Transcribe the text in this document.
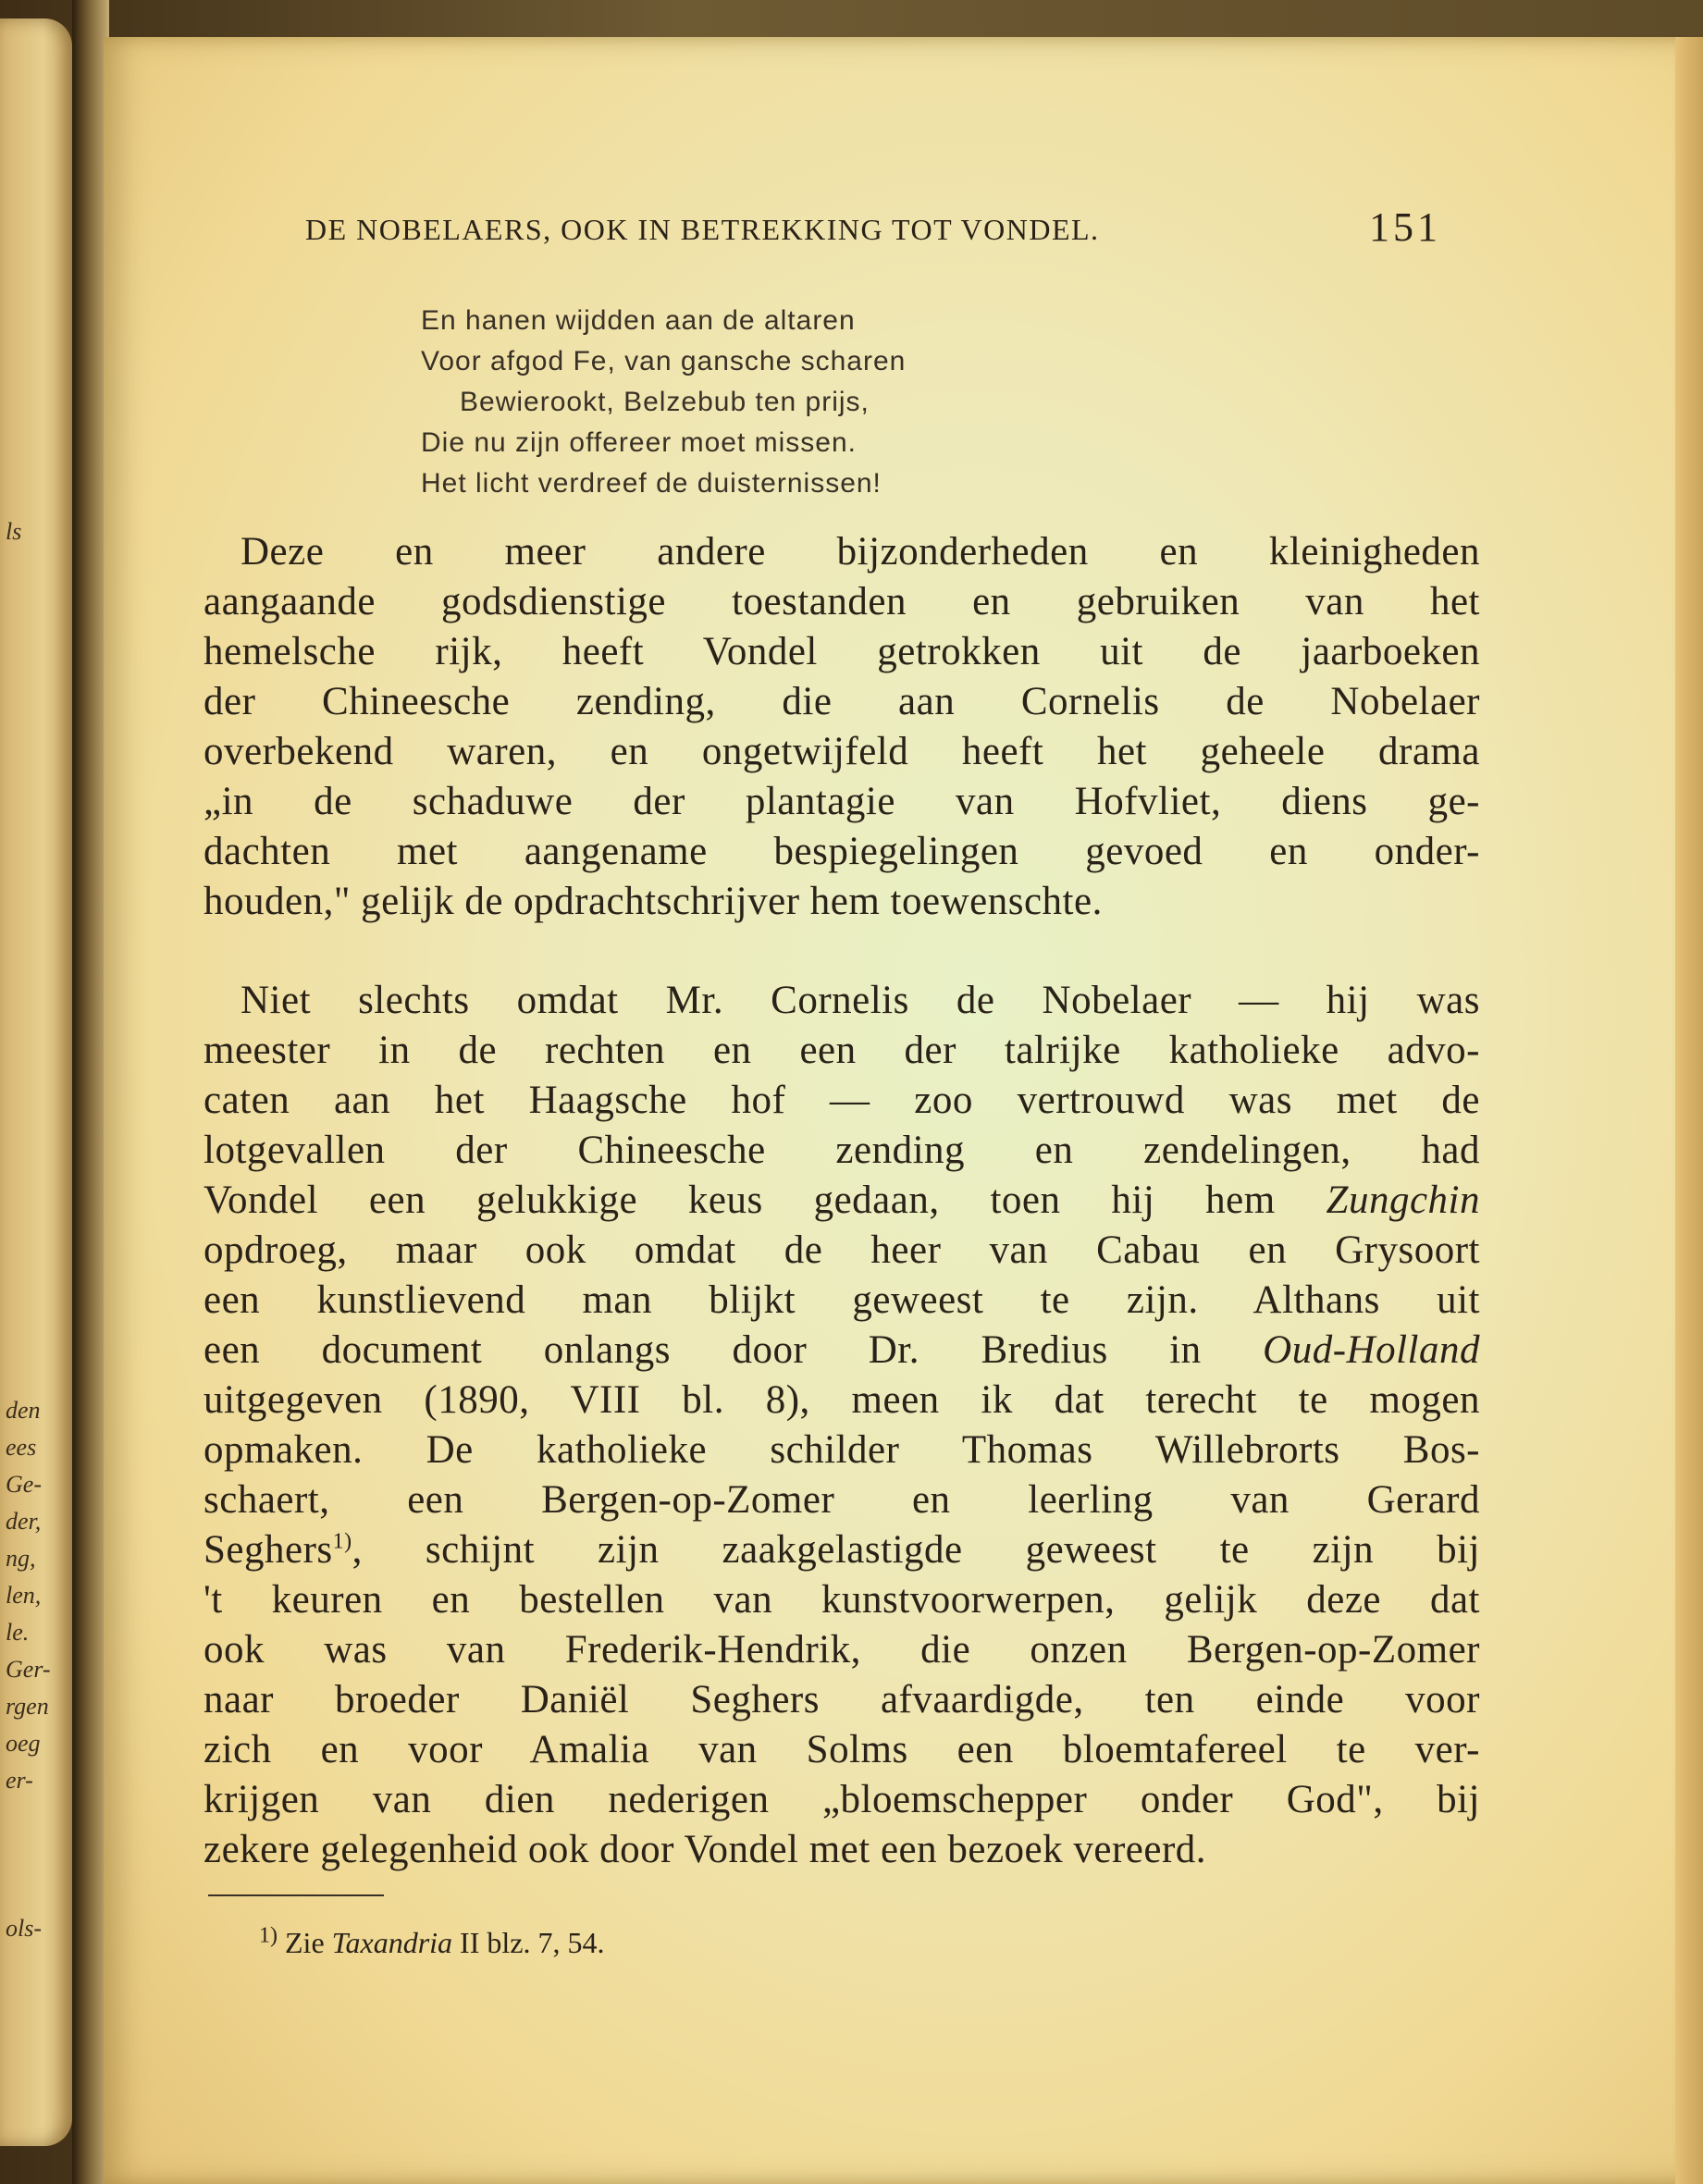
ls
den
ees
Ge-
der,
ng,
len,
le.
Ger-
rgen
oeg
er-
ols-
DE NOBELAERS, OOK IN BETREKKING TOT VONDEL.	151
En hanen wijdden aan de altaren
Voor afgod Fe, van gansche scharen
Bewierookt, Belzebub ten prijs,
Die nu zijn offereer moet missen.
Het licht verdreef de duisternissen!
Deze en meer andere bijzonderheden en kleinigheden
aangaande godsdienstige toestanden en gebruiken van het
hemelsche rijk, heeft Vondel getrokken uit de jaarboeken
der Chineesche zending, die aan Cornelis de Nobelaer
overbekend waren, en ongetwijfeld heeft het geheele drama
„in de schaduwe der plantagie van Hofvliet, diens ge-
dachten met aangename bespiegelingen gevoed en onder-
houden," gelijk de opdrachtschrijver hem toewenschte.
Niet slechts omdat Mr. Cornelis de Nobelaer — hij was
meester in de rechten en een der talrijke katholieke advo-
caten aan het Haagsche hof — zoo vertrouwd was met de
lotgevallen der Chineesche zending en zendelingen, had
Vondel een gelukkige keus gedaan, toen hij hem Zungchin
opdroeg, maar ook omdat de heer van Cabau en Grysoort
een kunstlievend man blijkt geweest te zijn. Althans uit
een document onlangs door Dr. Bredius in Oud-Holland
uitgegeven (1890, VIII bl. 8), meen ik dat terecht te mogen
opmaken. De katholieke schilder Thomas Willebrorts Bos-
schaert, een Bergen-op-Zomer en leerling van Gerard
Seghers$^{1)}$, schijnt zijn zaakgelastigde geweest te zijn bij
't keuren en bestellen van kunstvoorwerpen, gelijk deze dat
ook was van Frederik-Hendrik, die onzen Bergen-op-Zomer
naar broeder Daniël Seghers afvaardigde, ten einde voor
zich en voor Amalia van Solms een bloemtafereel te ver-
krijgen van dien nederigen „bloemschepper onder God", bij
zekere gelegenheid ook door Vondel met een bezoek vereerd.
$^{1)}$ Zie Taxandria II blz. 7, 54.
